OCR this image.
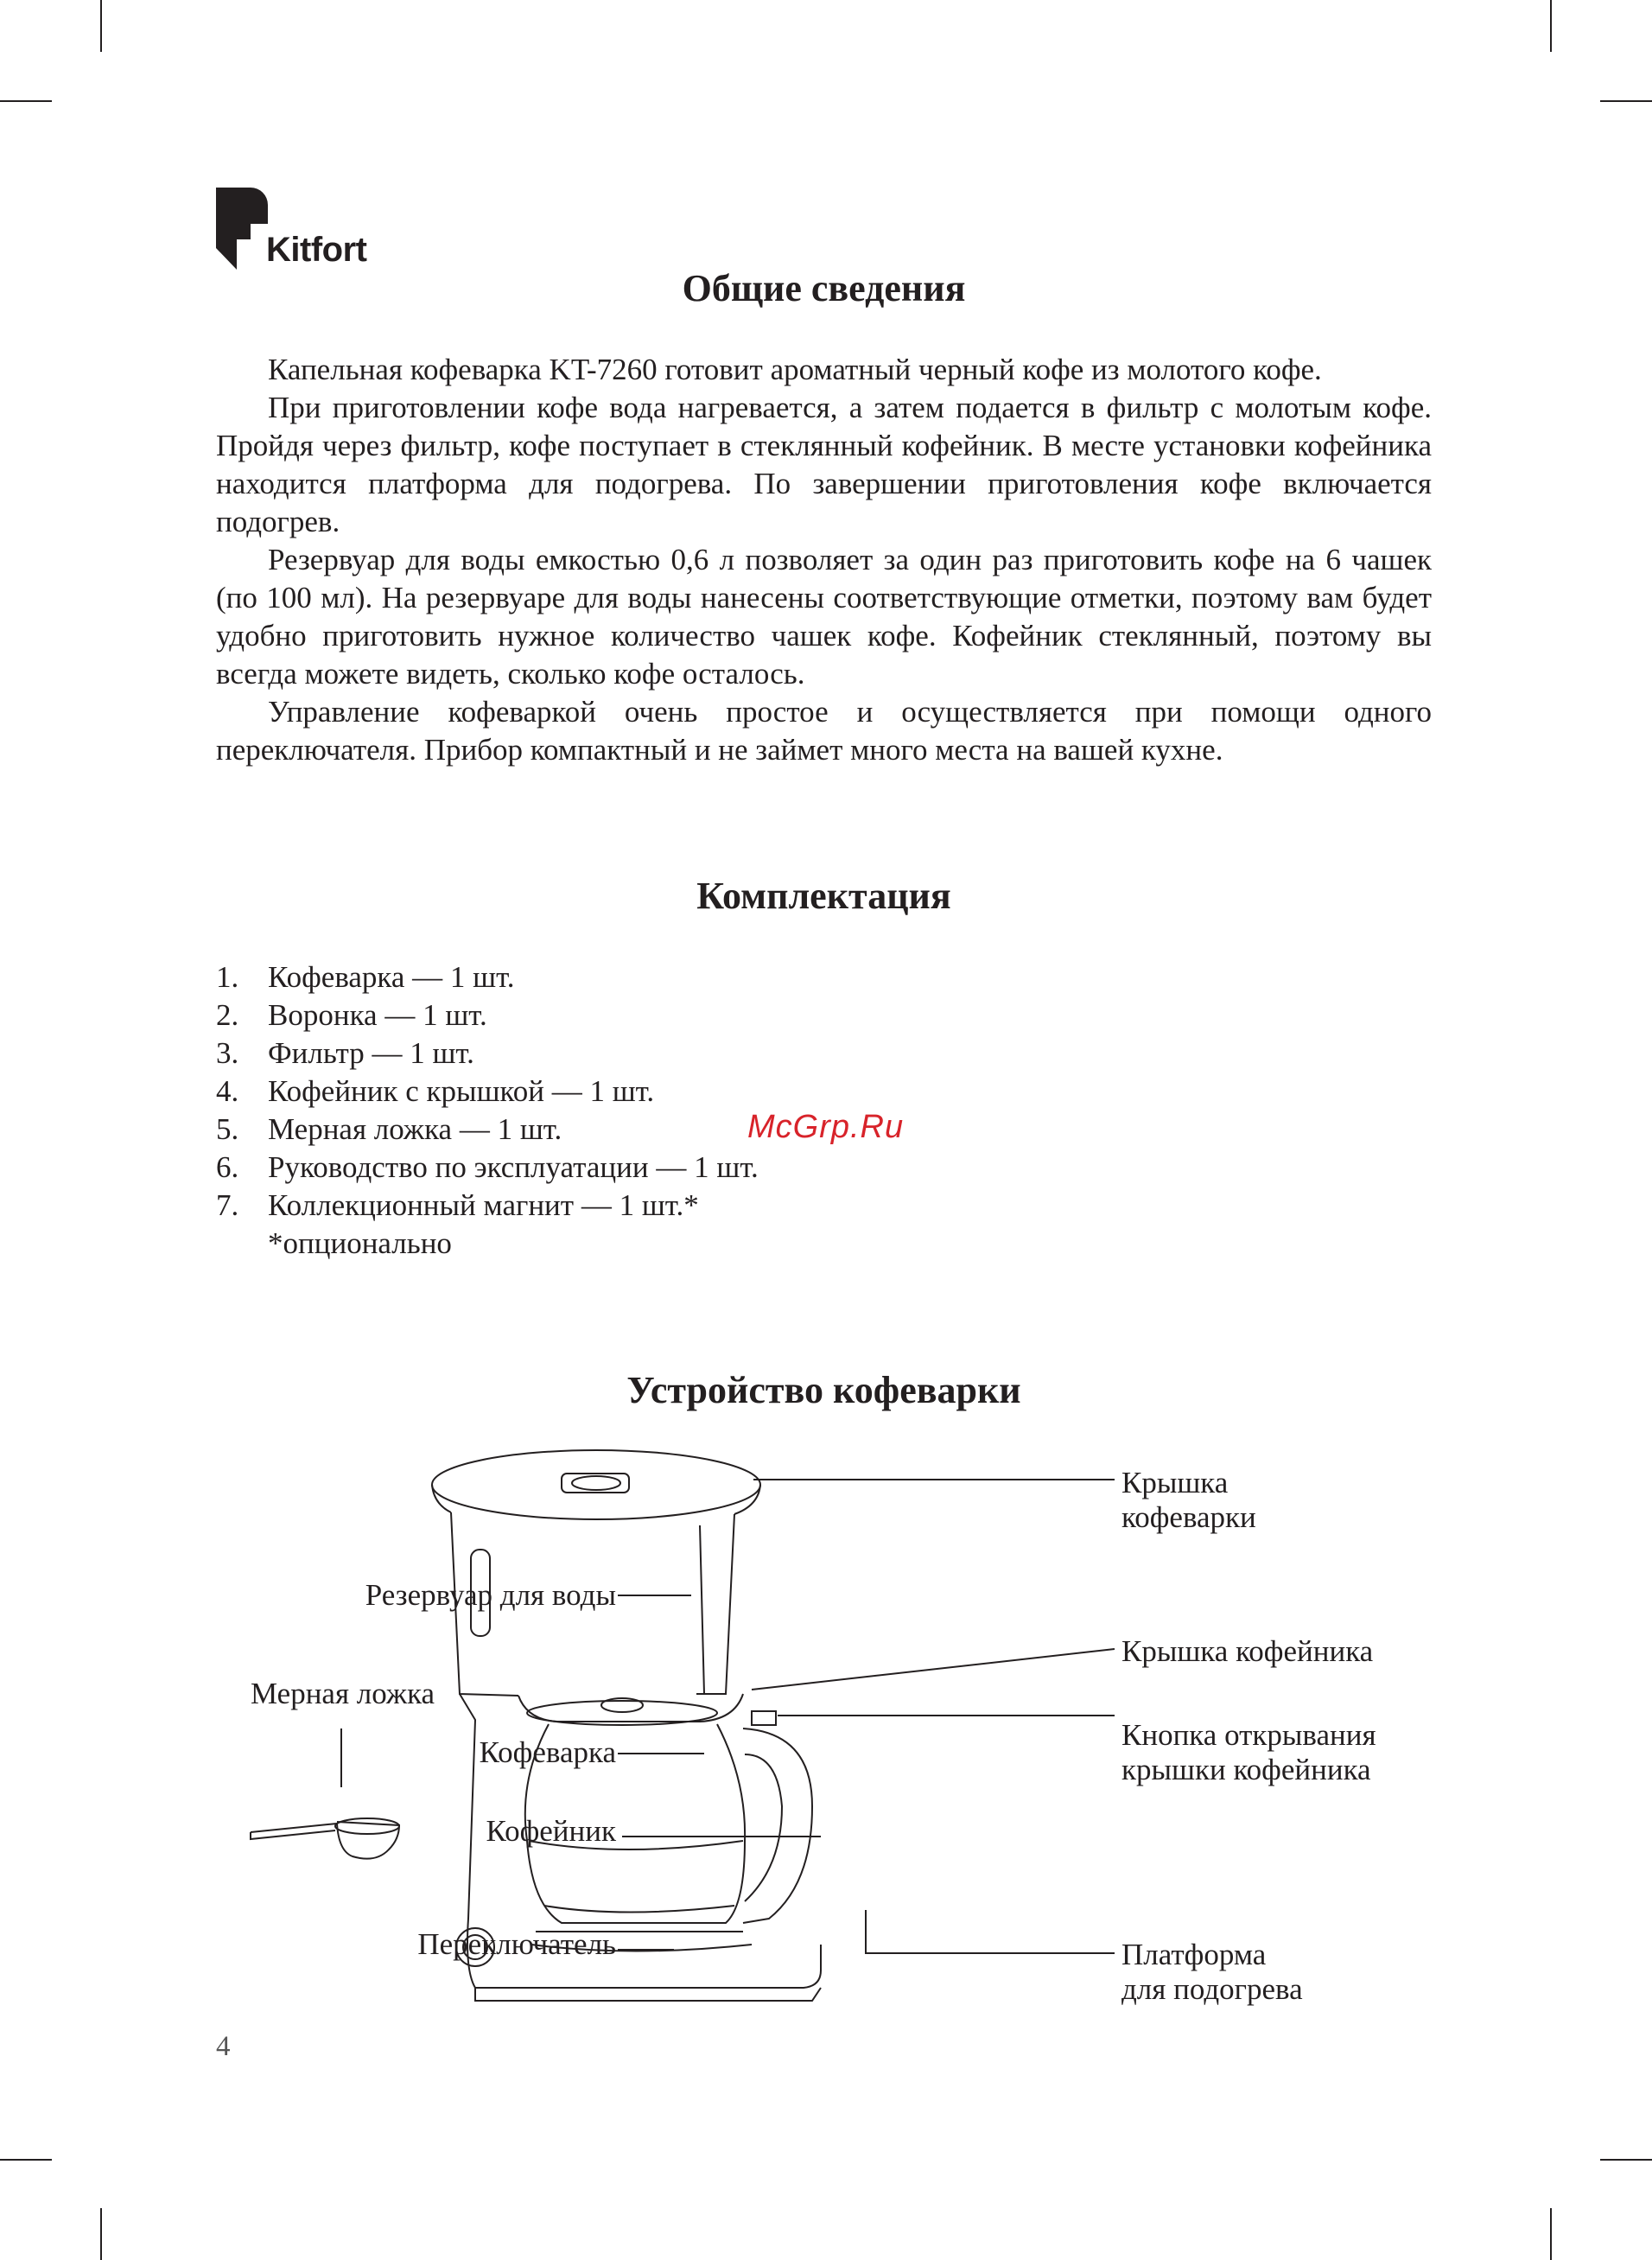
Kitfort
Общие сведения

Капельная кофеварка KT-7260 готовит ароматный черный кофе из молотого кофе.

При приготовлении кофе вода нагревается, а затем подается в фильтр с молотым кофе. Пройдя через фильтр, кофе поступает в стеклянный кофейник. В месте установки кофейника находится платформа для подогрева. По завершении приготовления кофе включается подогрев.

Резервуар для воды емкостью 0,6 л позволяет за один раз приготовить кофе на 6 чашек (по 100 мл). На резервуаре для воды нанесены соответствующие отметки, поэтому вам будет удобно приготовить нужное количество чашек кофе. Кофейник стеклянный, поэтому вы всегда можете видеть, сколько кофе осталось.

Управление кофеваркой очень простое и осуществляется при помощи одного переключателя. Прибор компактный и не займет много места на вашей кухне.

Комплектация
1. Кофеварка — 1 шт.
2. Воронка — 1 шт.
3. Фильтр — 1 шт.
4. Кофейник с крышкой — 1 шт.
5. Мерная ложка — 1 шт.
6. Руководство по эксплуатации — 1 шт.
7. Коллекционный магнит — 1 шт.*
*опционально
McGrp.Ru
Устройство кофеварки
Крышка
кофеварки
Резервуар для воды
Крышка кофейника
Мерная ложка
Кнопка открывания
крышки кофейника
Кофеварка
Кофейник
Переключатель	Платформа
для подогрева
4
